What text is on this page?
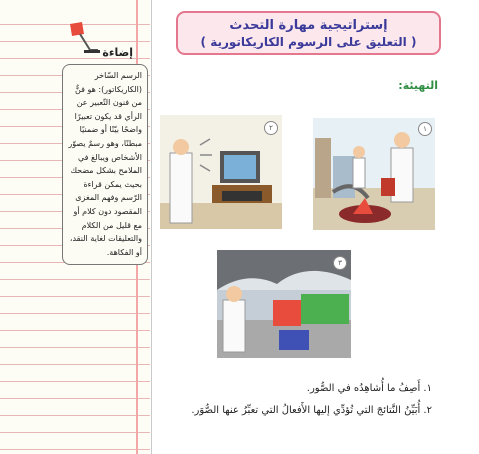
إستراتيجية مهارة التحدث
( التعليق على الرسوم الكاريكاتورية )
التهيئة:
إضاءة
الرسم السّاخر (الكاريكاتور): هو فنٌّ من فنون التّعبير عن الرأي قد يكون تعبيرًا واضحًا بيّنًا أو ضمنيًا مبطنًا، وهو رسمٌ يصوّر الأشخاص ويبالغ في الملامح بشكل مضحك بحيث يمكن قراءة الرّسم وفهم المغزى المقصود دون كلام أو مع قليل من الكلام والتعليقات لغاية النقد، أو الفكاهة.
١
٢
٣
١. أَصِفُ ما أُشاهِدُه في الصُّور.
٢. أُبَيِّنُ النَّتائجَ التي تُؤدِّي إليها الأَفعالُ التي تعبِّرُ عنها الصُّوَر.
